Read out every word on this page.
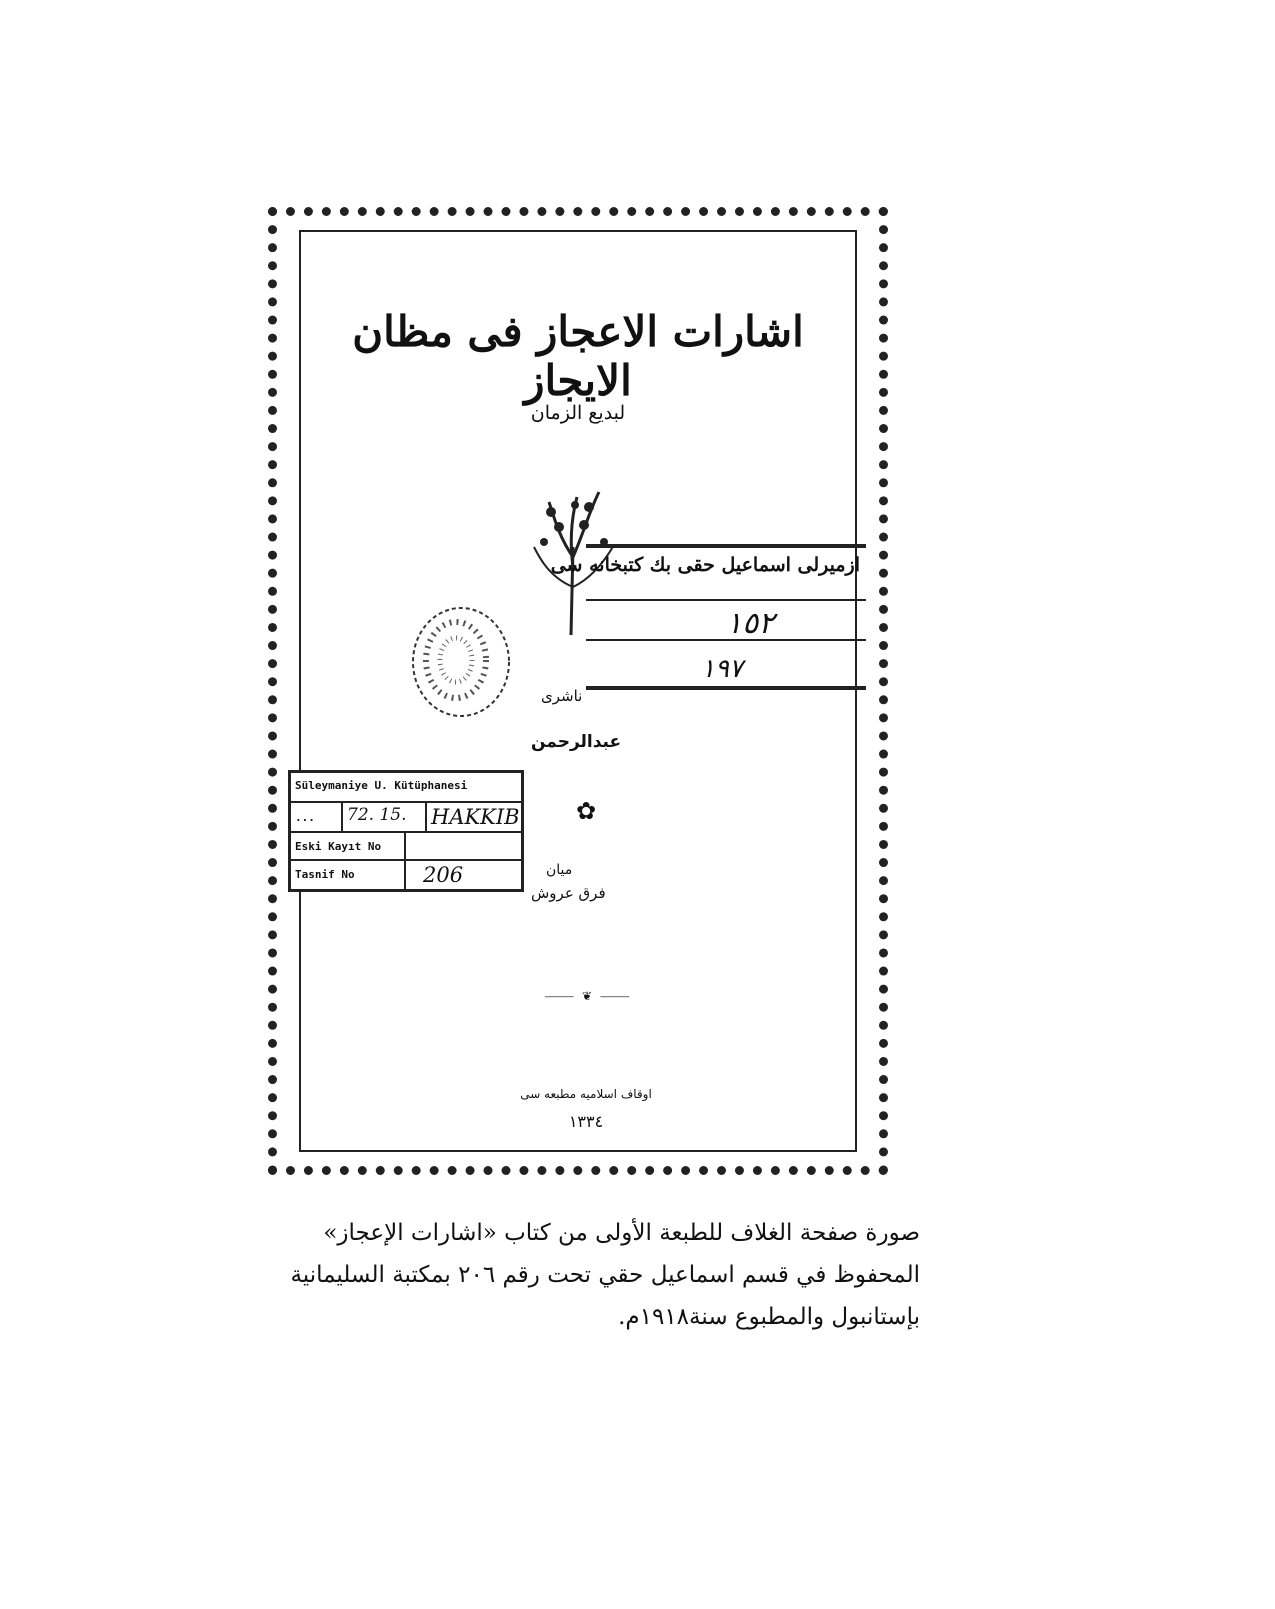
اشارات الاعجاز فى مظان الايجاز
لبديع الزمان
ازميرلی اسماعيل حقی بك كتبخانه سی
١٥٢
١٩٧
ناشرى
عبدالرحمن
✿
ميان
فرق عروش
⸻ ❦ ⸻
اوقاف اسلامیه مطبعه سی
١٣٣٤
Süleymaniye U. Kütüphanesi
...	72. 15.	HAKKIB
Eski Kayıt No
Tasnif No	206
صورة صفحة الغلاف للطبعة الأولى من كتاب «اشارات الإعجاز»
المحفوظ في قسم اسماعيل حقي تحت رقم ٢٠٦ بمكتبة السليمانية
بإستانبول والمطبوع سنة١٩١٨م.
